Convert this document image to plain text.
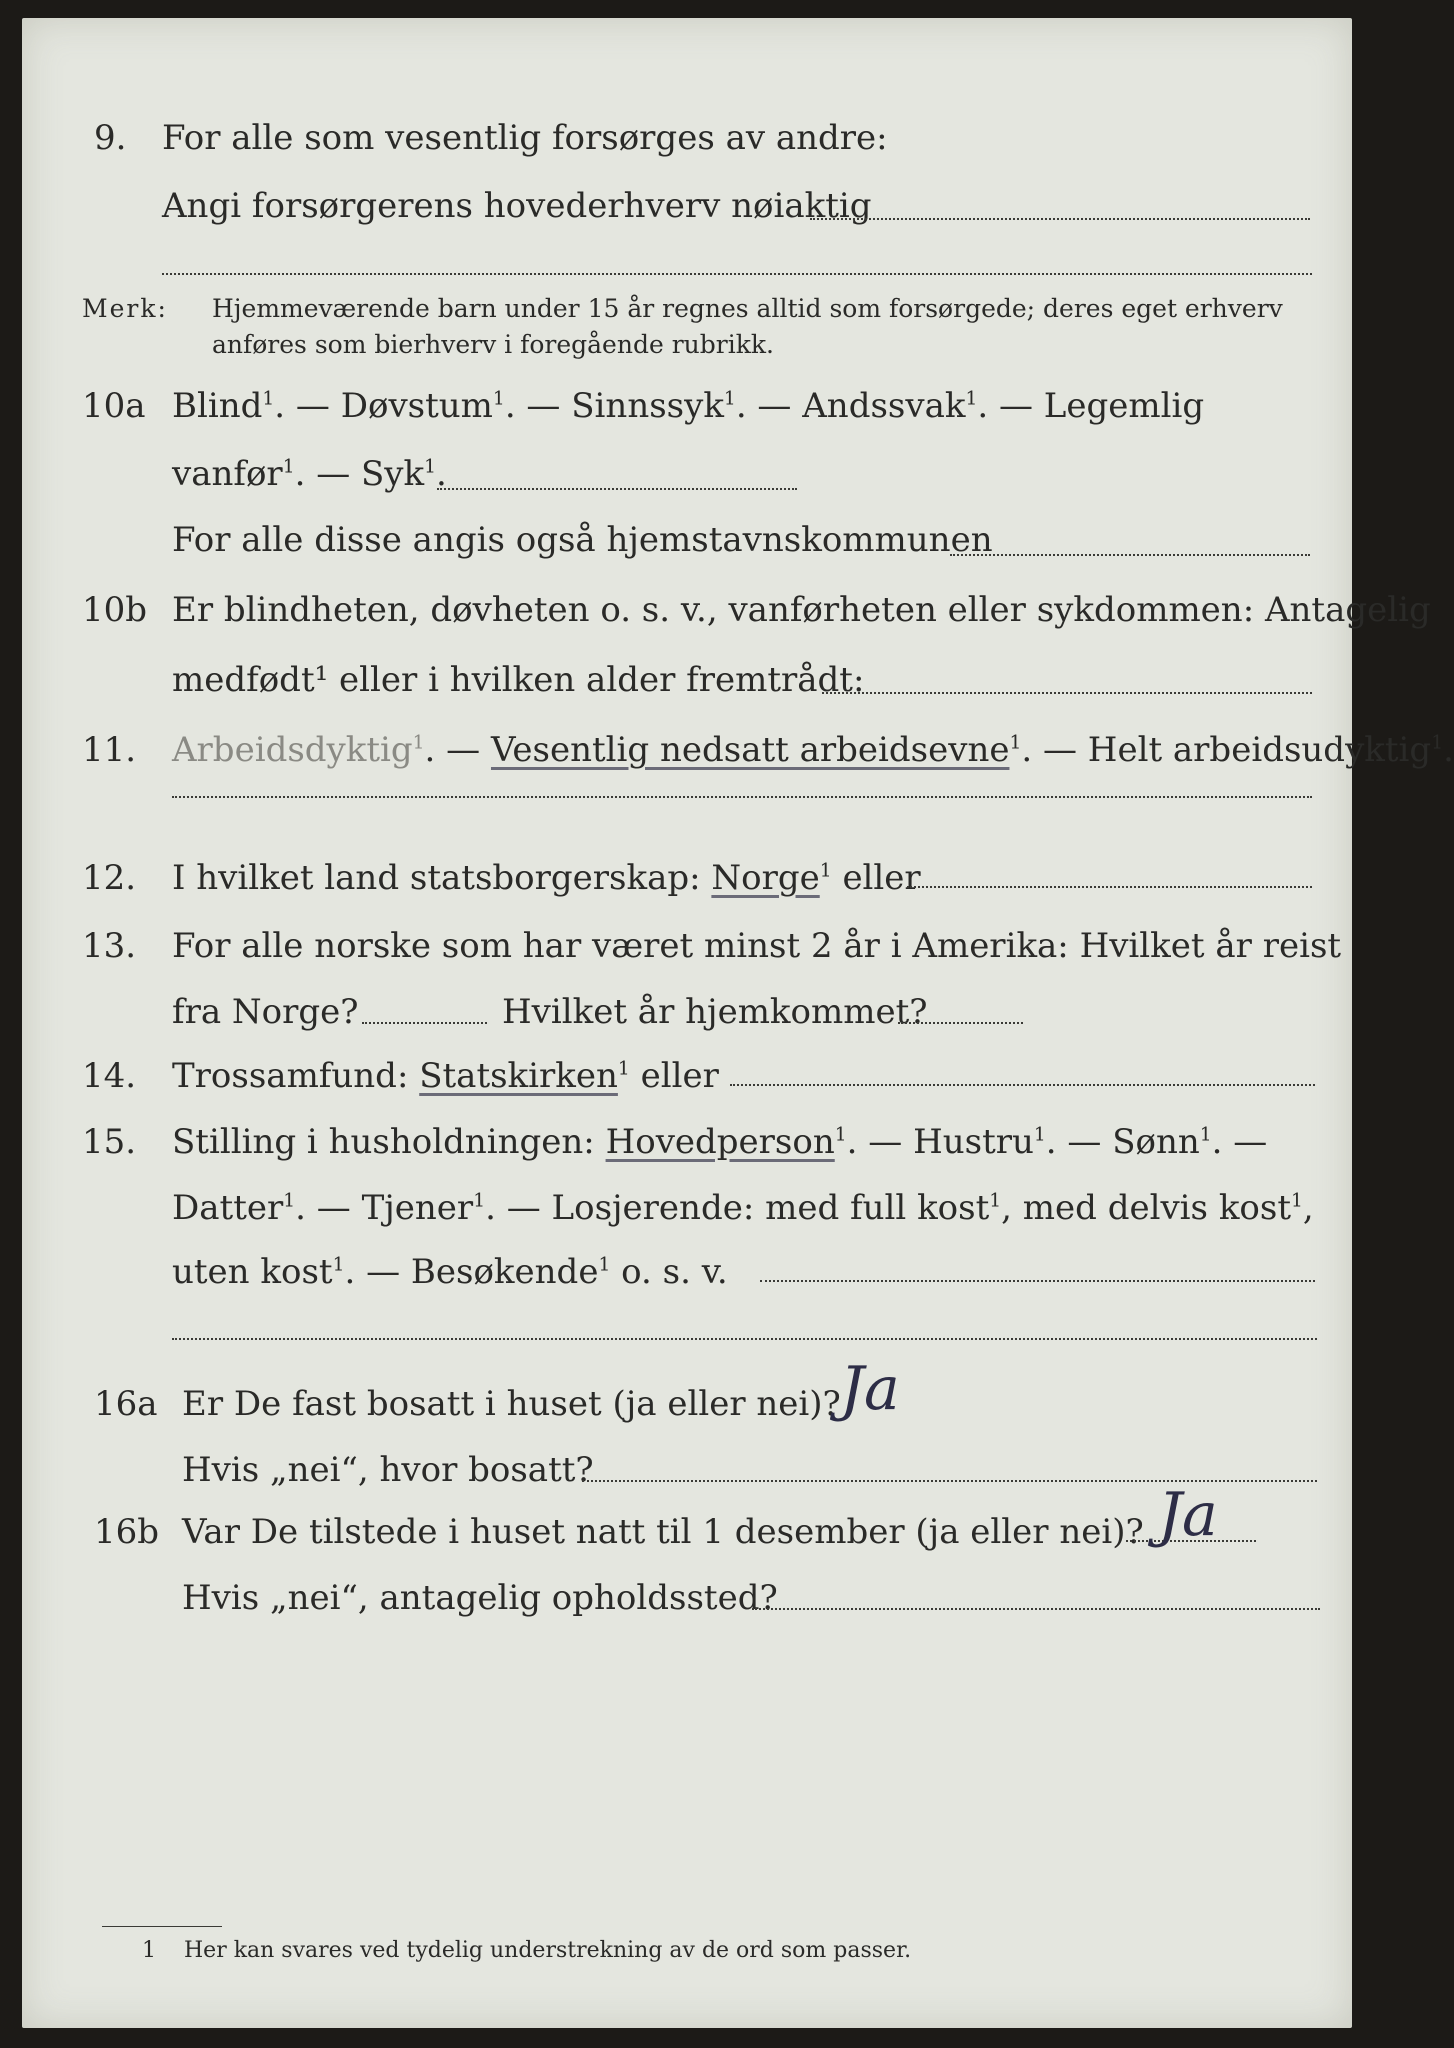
9. For alle som vesentlig forsørges av andre:
Angi forsørgerens hovederhverv nøiaktig
Merk: Hjemmeværende barn under 15 år regnes alltid som forsørgede; deres eget erhverv
anføres som bierhverv i foregående rubrikk.
10a Blind$^1$. — Døvstum$^1$. — Sinnssyk$^1$. — Andssvak$^1$. — Legemlig
vanfør$^1$. — Syk$^1$.
For alle disse angis også hjemstavnskommunen
10b Er blindheten, døvheten o. s. v., vanførheten eller sykdommen: Antagelig
medfødt¹ eller i hvilken alder fremtrådt:
11. Arbeidsdyktig$^1$. — Vesentlig nedsatt arbeidsevne$^1$. — Helt arbeidsudyktig$^1$.
12. I hvilket land statsborgerskap: Norge$^1$ eller
13. For alle norske som har været minst 2 år i Amerika: Hvilket år reist
fra Norge?	Hvilket år hjemkommet?
14. Trossamfund: Statskirken$^1$ eller
15. Stilling i husholdningen: Hovedperson$^1$. — Hustru$^1$. — Sønn$^1$. —
Datter$^1$. — Tjener$^1$. — Losjerende: med full kost$^1$, med delvis kost$^1$,
uten kost$^1$. — Besøkende$^1$ o. s. v.
16a Er De fast bosatt i huset (ja eller nei)? Ja
Hvis „nei“, hvor bosatt?
16b Var De tilstede i huset natt til 1 desember (ja eller nei)? Ja
Hvis „nei“, antagelig opholdssted?
1 Her kan svares ved tydelig understrekning av de ord som passer.
